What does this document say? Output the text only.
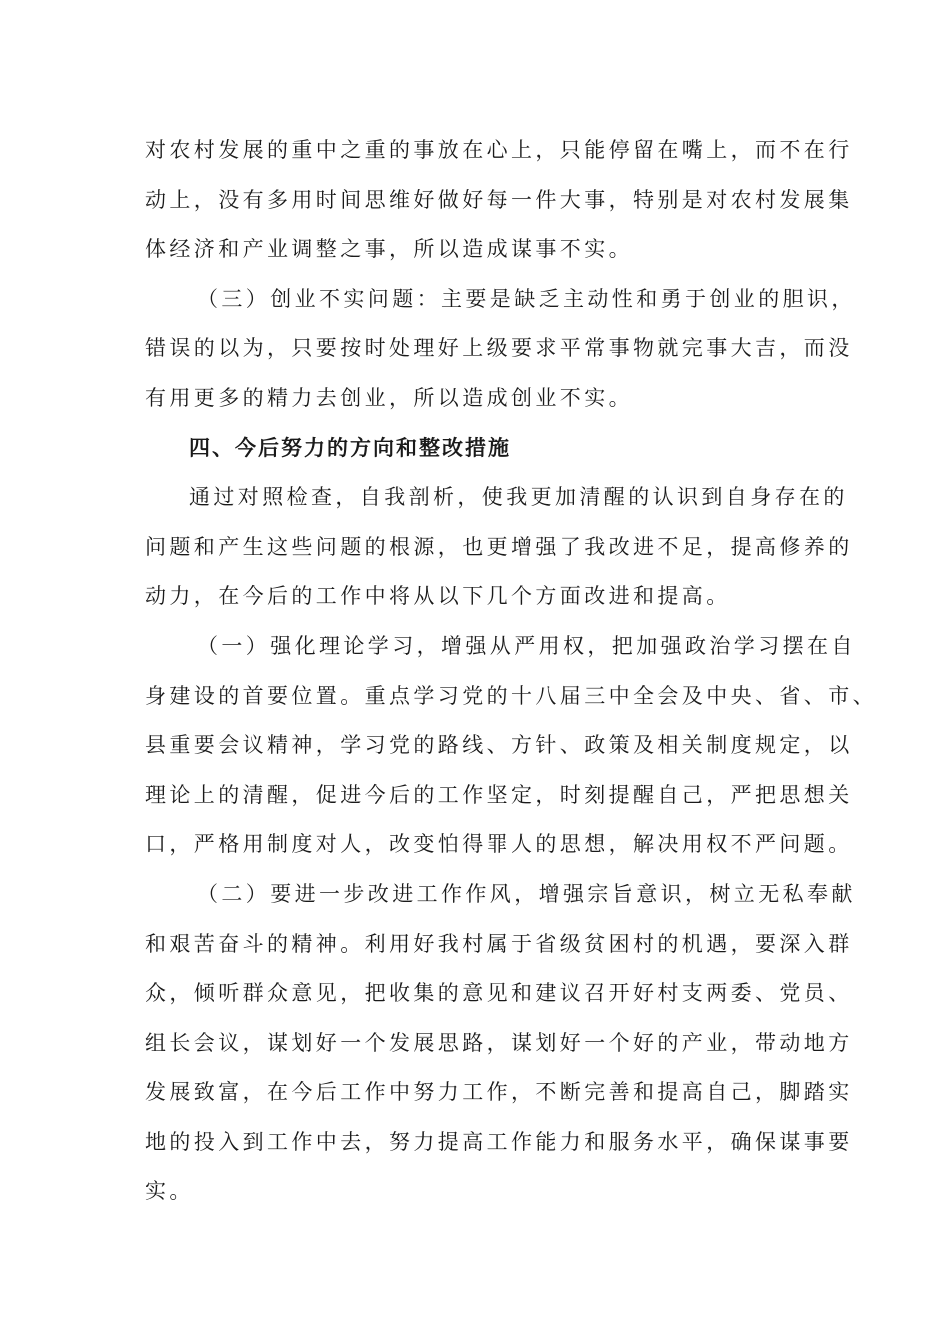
对农村发展的重中之重的事放在心上，只能停留在嘴上，而不在行
动上，没有多用时间思维好做好每一件大事，特别是对农村发展集
体经济和产业调整之事，所以造成谋事不实。
（三）创业不实问题：主要是缺乏主动性和勇于创业的胆识，
错误的以为，只要按时处理好上级要求平常事物就完事大吉，而没
有用更多的精力去创业，所以造成创业不实。
四、今后努力的方向和整改措施
通过对照检查，自我剖析，使我更加清醒的认识到自身存在的
问题和产生这些问题的根源，也更增强了我改进不足，提高修养的
动力，在今后的工作中将从以下几个方面改进和提高。
（一）强化理论学习，增强从严用权，把加强政治学习摆在自
身建设的首要位置。重点学习党的十八届三中全会及中央、省、市、
县重要会议精神，学习党的路线、方针、政策及相关制度规定，以
理论上的清醒，促进今后的工作坚定，时刻提醒自己，严把思想关
口，严格用制度对人，改变怕得罪人的思想，解决用权不严问题。
（二）要进一步改进工作作风，增强宗旨意识，树立无私奉献
和艰苦奋斗的精神。利用好我村属于省级贫困村的机遇，要深入群
众，倾听群众意见，把收集的意见和建议召开好村支两委、党员、
组长会议，谋划好一个发展思路，谋划好一个好的产业，带动地方
发展致富，在今后工作中努力工作，不断完善和提高自己，脚踏实
地的投入到工作中去，努力提高工作能力和服务水平，确保谋事要
实。
